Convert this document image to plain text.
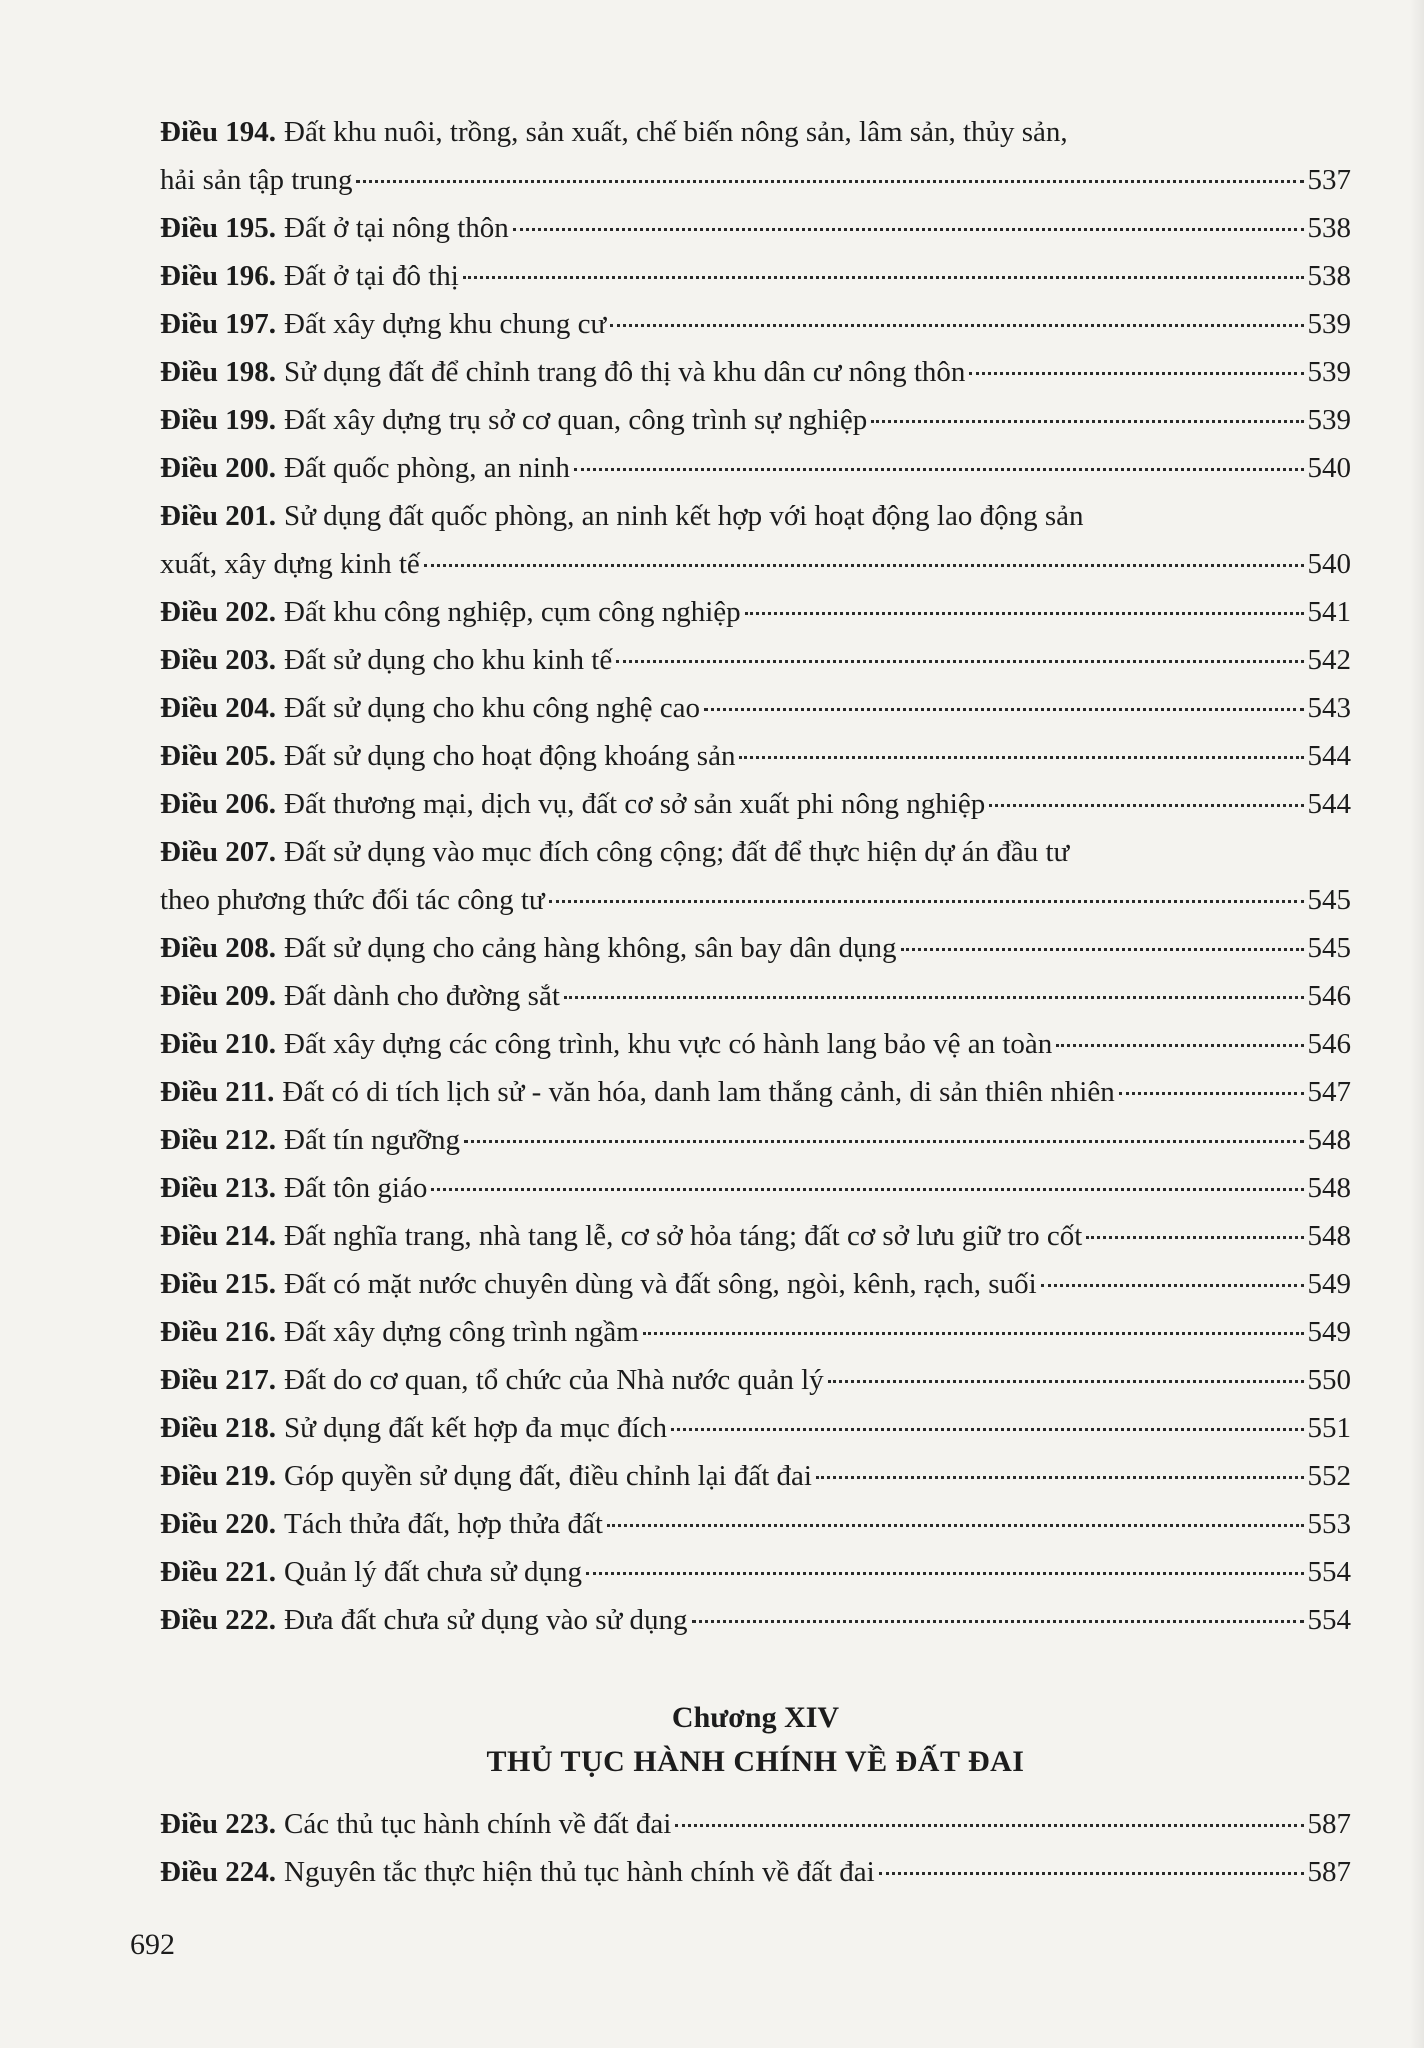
Điều 194. Đất khu nuôi, trồng, sản xuất, chế biến nông sản, lâm sản, thủy sản,
hải sản tập trung	537
Điều 195. Đất ở tại nông thôn	538
Điều 196. Đất ở tại đô thị	538
Điều 197. Đất xây dựng khu chung cư	539
Điều 198. Sử dụng đất để chỉnh trang đô thị và khu dân cư nông thôn	539
Điều 199. Đất xây dựng trụ sở cơ quan, công trình sự nghiệp	539
Điều 200. Đất quốc phòng, an ninh	540
Điều 201. Sử dụng đất quốc phòng, an ninh kết hợp với hoạt động lao động sản
xuất, xây dựng kinh tế	540
Điều 202. Đất khu công nghiệp, cụm công nghiệp	541
Điều 203. Đất sử dụng cho khu kinh tế	542
Điều 204. Đất sử dụng cho khu công nghệ cao	543
Điều 205. Đất sử dụng cho hoạt động khoáng sản	544
Điều 206. Đất thương mại, dịch vụ, đất cơ sở sản xuất phi nông nghiệp	544
Điều 207. Đất sử dụng vào mục đích công cộng; đất để thực hiện dự án đầu tư
theo phương thức đối tác công tư	545
Điều 208. Đất sử dụng cho cảng hàng không, sân bay dân dụng	545
Điều 209. Đất dành cho đường sắt	546
Điều 210. Đất xây dựng các công trình, khu vực có hành lang bảo vệ an toàn	546
Điều 211. Đất có di tích lịch sử - văn hóa, danh lam thắng cảnh, di sản thiên nhiên	547
Điều 212. Đất tín ngưỡng	548
Điều 213. Đất tôn giáo	548
Điều 214. Đất nghĩa trang, nhà tang lễ, cơ sở hỏa táng; đất cơ sở lưu giữ tro cốt	548
Điều 215. Đất có mặt nước chuyên dùng và đất sông, ngòi, kênh, rạch, suối	549
Điều 216. Đất xây dựng công trình ngầm	549
Điều 217. Đất do cơ quan, tổ chức của Nhà nước quản lý	550
Điều 218. Sử dụng đất kết hợp đa mục đích	551
Điều 219. Góp quyền sử dụng đất, điều chỉnh lại đất đai	552
Điều 220. Tách thửa đất, hợp thửa đất	553
Điều 221. Quản lý đất chưa sử dụng	554
Điều 222. Đưa đất chưa sử dụng vào sử dụng	554
Chương XIV
THỦ TỤC HÀNH CHÍNH VỀ ĐẤT ĐAI
Điều 223. Các thủ tục hành chính về đất đai	587
Điều 224. Nguyên tắc thực hiện thủ tục hành chính về đất đai	587
692
